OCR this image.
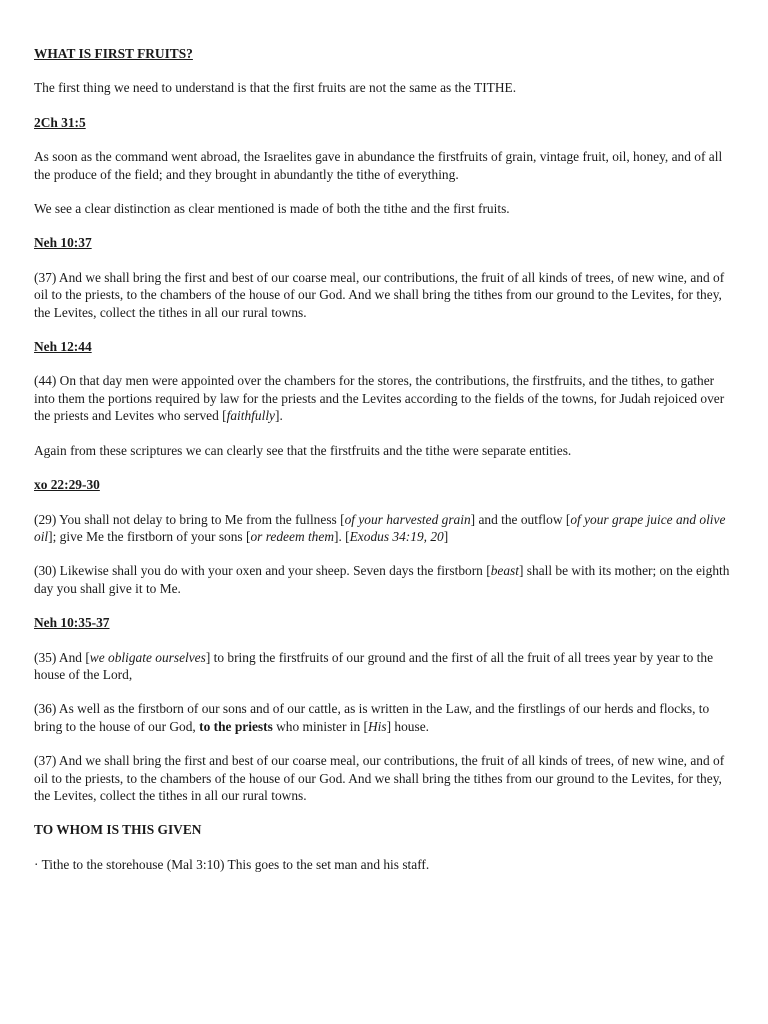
WHAT IS FIRST FRUITS?

The first thing we need to understand is that the first fruits are not the same as the TITHE.

2Ch 31:5

As soon as the command went abroad, the Israelites gave in abundance the firstfruits of grain, vintage fruit, oil, honey, and of all the produce of the field; and they brought in abundantly the tithe of everything.

We see a clear distinction as clear mentioned is made of both the tithe and the first fruits.

Neh 10:37

(37) And we shall bring the first and best of our coarse meal, our contributions, the fruit of all kinds of trees, of new wine, and of oil to the priests, to the chambers of the house of our God. And we shall bring the tithes from our ground to the Levites, for they, the Levites, collect the tithes in all our rural towns.

Neh 12:44

(44) On that day men were appointed over the chambers for the stores, the contributions, the firstfruits, and the tithes, to gather into them the portions required by law for the priests and the Levites according to the fields of the towns, for Judah rejoiced over the priests and Levites who served [faithfully].

Again from these scriptures we can clearly see that the firstfruits and the tithe were separate entities.

xo 22:29-30

(29) You shall not delay to bring to Me from the fullness [of your harvested grain] and the outflow [of your grape juice and olive oil]; give Me the firstborn of your sons [or redeem them]. [Exodus 34:19, 20]

(30) Likewise shall you do with your oxen and your sheep. Seven days the firstborn [beast] shall be with its mother; on the eighth day you shall give it to Me.

Neh 10:35-37

(35) And [we obligate ourselves] to bring the firstfruits of our ground and the first of all the fruit of all trees year by year to the house of the Lord,

(36) As well as the firstborn of our sons and of our cattle, as is written in the Law, and the firstlings of our herds and flocks, to bring to the house of our God, to the priests who minister in [His] house.

(37) And we shall bring the first and best of our coarse meal, our contributions, the fruit of all kinds of trees, of new wine, and of oil to the priests, to the chambers of the house of our God. And we shall bring the tithes from our ground to the Levites, for they, the Levites, collect the tithes in all our rural towns.

TO WHOM IS THIS GIVEN

· Tithe to the storehouse (Mal 3:10) This goes to the set man and his staff.
